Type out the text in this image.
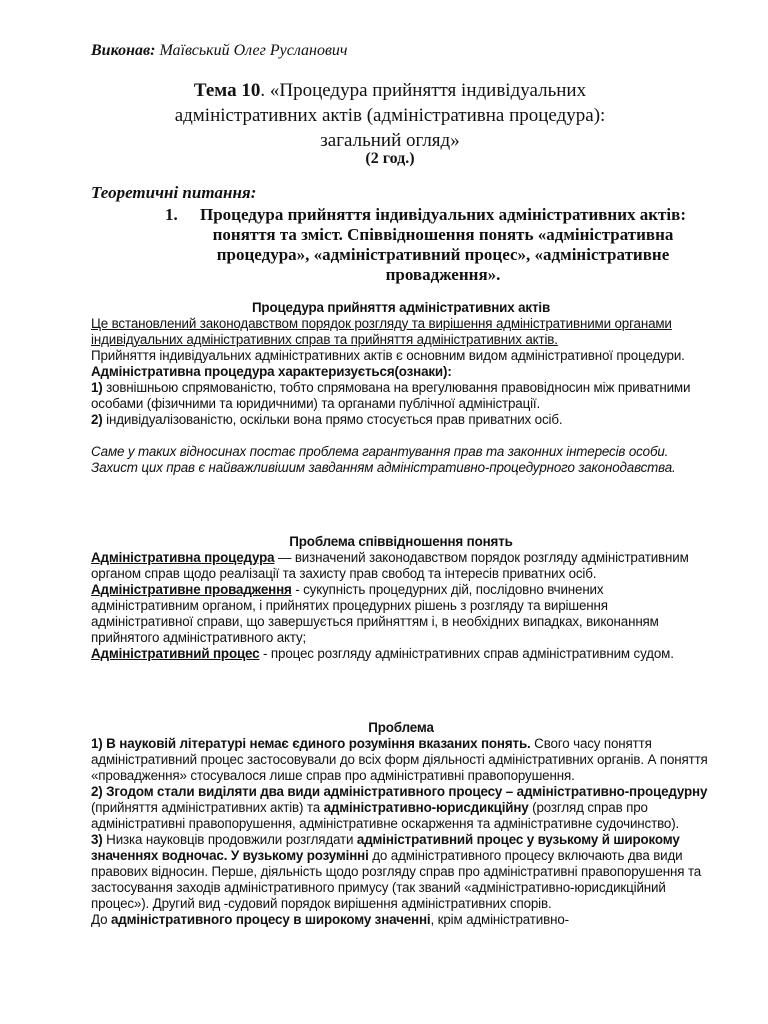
Виконав: Маївський Олег Русланович
Тема 10. «Процедура прийняття індивідуальних
адміністративних актів (адміністративна процедура):
загальний огляд»
(2 год.)
Теоретичні питання:
1.	Процедура прийняття індивідуальних адміністративних актів: поняття та зміст. Співвідношення понять «адміністративна процедура», «адміністративний процес», «адміністративне провадження».

Процедура прийняття адміністративних актів

Це встановлений законодавством порядок розгляду та вирішення адміністративними органами індивідуальних адміністративних справ та прийняття адміністративних актів.

Прийняття індивідуальних адміністративних актів є основним видом адміністративної процедури.

Адміністративна процедура характеризується(ознаки):

1) зовнішньою спрямованістю, тобто спрямована на врегулювання правовідносин між приватними особами (фізичними та юридичними) та органами публічної адміністрації.

2) індивідуалізованістю, оскільки вона прямо стосується прав приватних осіб.

Саме у таких відносинах постає проблема гарантування прав та законних інтересів особи. Захист цих прав є найважливішим завданням адміністративно-процедурного законодавства.

Проблема співвідношення понять

Адміністративна процедура — визначений законодавством порядок розгляду адміністративним органом справ щодо реалізації та захисту прав свобод та інтересів приватних осіб.

Адміністративне провадження - сукупність процедурних дій, послідовно вчинених адміністративним органом, і прийнятих процедурних рішень з розгляду та вирішення адміністративної справи, що завершується прийняттям і, в необхідних випадках, виконанням прийнятого адміністративного акту;

Адміністративний процес - процес розгляду адміністративних справ адміністративним судом.

Проблема

1) В науковій літературі немає єдиного розуміння вказаних понять. Свого часу поняття адміністративний процес застосовували до всіх форм діяльності адміністративних органів. А поняття «провадження» стосувалося лише справ про адміністративні правопорушення.

2) Згодом стали виділяти два види адміністративного процесу – адміністративно-процедурну (прийняття адміністративних актів) та адміністративно-юрисдикційну (розгляд справ про адміністративні правопорушення, адміністративне оскарження та адміністративне судочинство).

3) Низка науковців продовжили розглядати адміністративний процес у вузькому й широкому значеннях водночас. У вузькому розумінні до адміністративного процесу включають два види правових відносин. Перше, діяльність щодо розгляду справ про адміністративні правопорушення та застосування заходів адміністративного примусу (так званий «адміністративно-юрисдикційний процес»). Другий вид -судовий порядок вирішення адміністративних спорів.

До адміністративного процесу в широкому значенні, крім адміністративно-
